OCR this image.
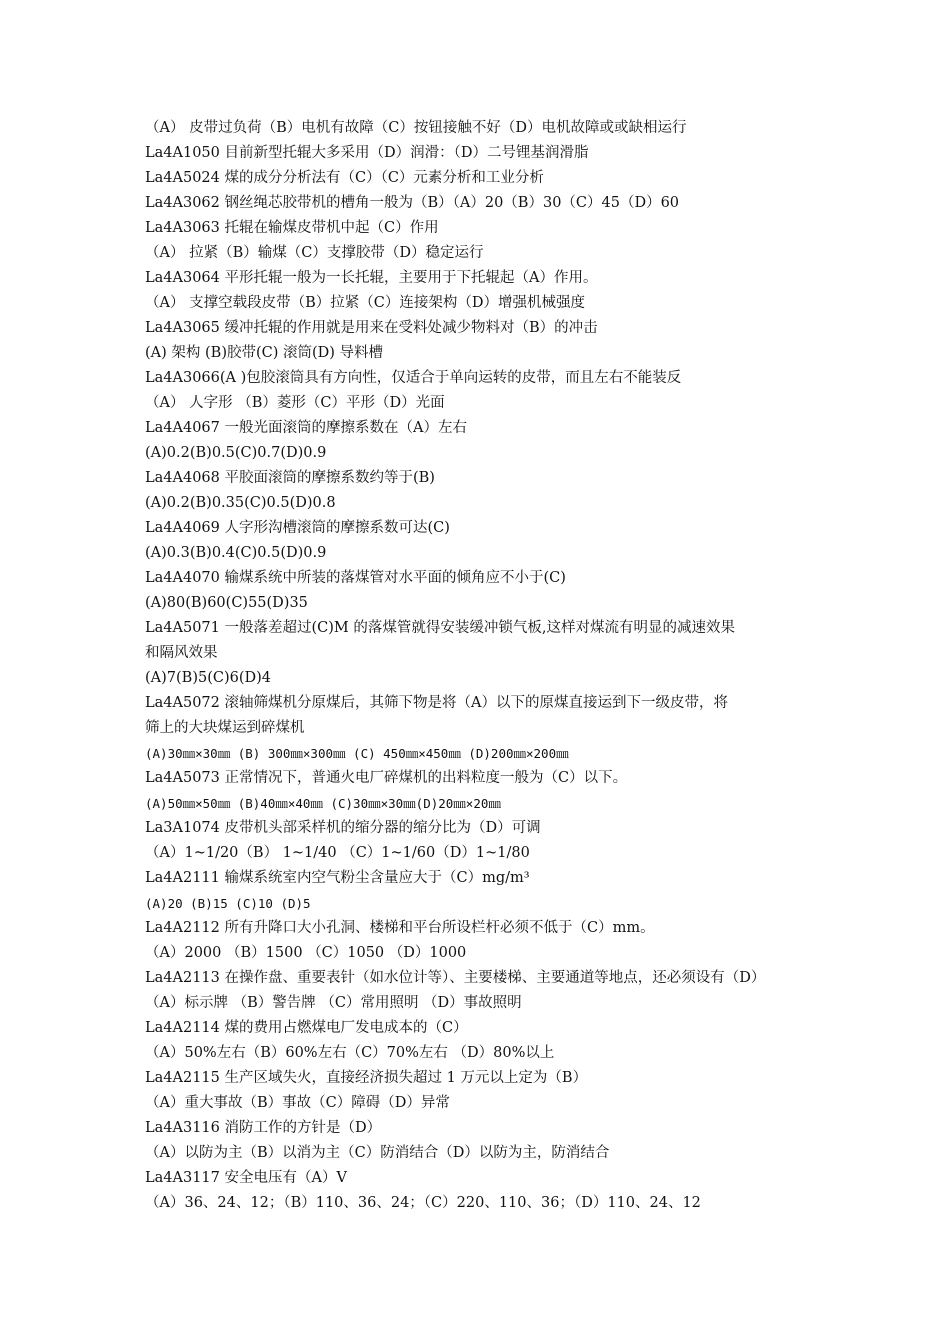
（A） 皮带过负荷（B）电机有故障（C）按钮接触不好（D）电机故障或或缺相运行
La4A1050 目前新型托辊大多采用（D）润滑：（D）二号锂基润滑脂
La4A5024 煤的成分分析法有（C）（C）元素分析和工业分析
La4A3062 钢丝绳芯胶带机的槽角一般为（B）（A）20（B）30（C）45（D）60
La4A3063 托辊在输煤皮带机中起（C）作用
（A） 拉紧（B）输煤（C）支撑胶带（D）稳定运行
La4A3064 平形托辊一般为一长托辊，主要用于下托辊起（A）作用。
（A） 支撑空载段皮带（B）拉紧（C）连接架构（D）增强机械强度
La4A3065 缓冲托辊的作用就是用来在受料处减少物料对（B）的冲击
(A) 架构 (B)胶带(C) 滚筒(D) 导料槽
La4A3066(A )包胶滚筒具有方向性，仅适合于单向运转的皮带，而且左右不能装反
（A） 人字形 （B）菱形（C）平形（D）光面
La4A4067 一般光面滚筒的摩擦系数在（A）左右
(A)0.2(B)0.5(C)0.7(D)0.9
La4A4068 平胶面滚筒的摩擦系数约等于(B)
(A)0.2(B)0.35(C)0.5(D)0.8
La4A4069 人字形沟槽滚筒的摩擦系数可达(C)
(A)0.3(B)0.4(C)0.5(D)0.9
La4A4070 输煤系统中所装的落煤管对水平面的倾角应不小于(C)
(A)80(B)60(C)55(D)35
La4A5071 一般落差超过(C)M 的落煤管就得安装缓冲锁气板,这样对煤流有明显的减速效果
和隔风效果
(A)7(B)5(C)6(D)4
La4A5072 滚轴筛煤机分原煤后，其筛下物是将（A）以下的原煤直接运到下一级皮带，将
筛上的大块煤运到碎煤机
(A)30㎜×30㎜ (B) 300㎜×300㎜ (C) 450㎜×450㎜ (D)200㎜×200㎜
La4A5073 正常情况下，普通火电厂碎煤机的出料粒度一般为（C）以下。
(A)50㎜×50㎜ (B)40㎜×40㎜ (C)30㎜×30㎜(D)20㎜×20㎜
La3A1074 皮带机头部采样机的缩分器的缩分比为（D）可调
（A）1~1/20（B） 1~1/40 （C）1~1/60（D）1~1/80
La4A2111 输煤系统室内空气粉尘含量应大于（C）mg/m³
(A)20 (B)15 (C)10 (D)5
La4A2112 所有升降口大小孔洞、楼梯和平台所设栏杆必须不低于（C）mm。
（A）2000 （B）1500 （C）1050 （D）1000
La4A2113 在操作盘、重要表针（如水位计等）、主要楼梯、主要通道等地点，还必须设有（D）
（A）标示牌 （B）警告牌 （C）常用照明 （D）事故照明
La4A2114 煤的费用占燃煤电厂发电成本的（C）
（A）50%左右（B）60%左右（C）70%左右 （D）80%以上
La4A2115 生产区域失火，直接经济损失超过 1 万元以上定为（B）
（A）重大事故（B）事故（C）障碍（D）异常
La4A3116 消防工作的方针是（D）
（A）以防为主（B）以消为主（C）防消结合（D）以防为主，防消结合
La4A3117 安全电压有（A）V
（A）36、24、12；（B）110、36、24；（C）220、110、36；（D）110、24、12
